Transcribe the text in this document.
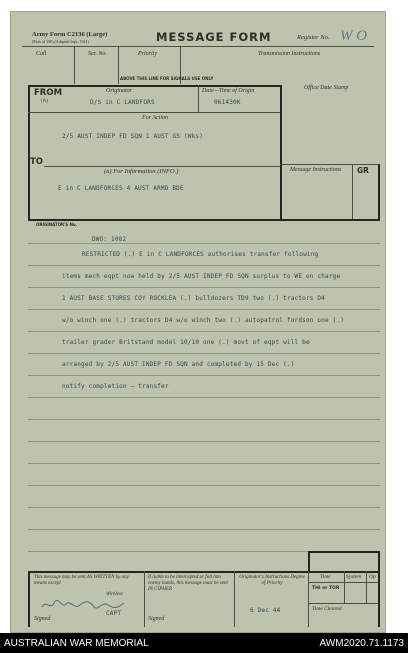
Army Form C2136 (Large)
(Pads of 100) (Adapted Sept. 1941)	MESSAGE FORM	Register No. W O
Call	Ser. No.	Priority	Transmission Instructions
ABOVE THIS LINE FOR SIGNALS USE ONLY
Office Date Stamp
FROM
(A)
Originator	Date—Time of Origin
D/S in C LANDFORS	061430K
For Action
2/5 AUST INDEP FD SQN 1 AUST GS (Wks)
TO
(a) For Information (INFO.)
E in C LANDFORCES 4 AUST ARMD BDE
Message Instructions GR
ORIGINATOR'S No.
DWO: 1082
RESTRICTED (.) E in C LANDFORCES authorises transfer following
items mech eqpt now held by 2/5 AUST INDEP FD SQN surplus to WE on charge
1 AUST BASE STORES COY ROCKLEA (.) bulldozers TD9 two (.) tractors D4
w/o winch one (.) tractors D4 w/o winch two (.) autopatrol fordson one (.)
trailer grader Britstand model 10/10 one (.) movt of eqpt will be
arranged by 2/5 AUST INDEP FD SQN and completed by 15 Dec (.)
notify completion — transfer
This message may be sent AS WRITTEN by any means except
Wireless
Signed
CAPT
If liable to be intercepted or fall into enemy hands, this message must be sent IN CIPHER
Signed
Originator's Instructions Degree of Priority
6 Dec 44
Time	System Op
THI or TOR
Time Cleared
AUSTRALIAN WAR MEMORIAL	AWM2020.71.1173
